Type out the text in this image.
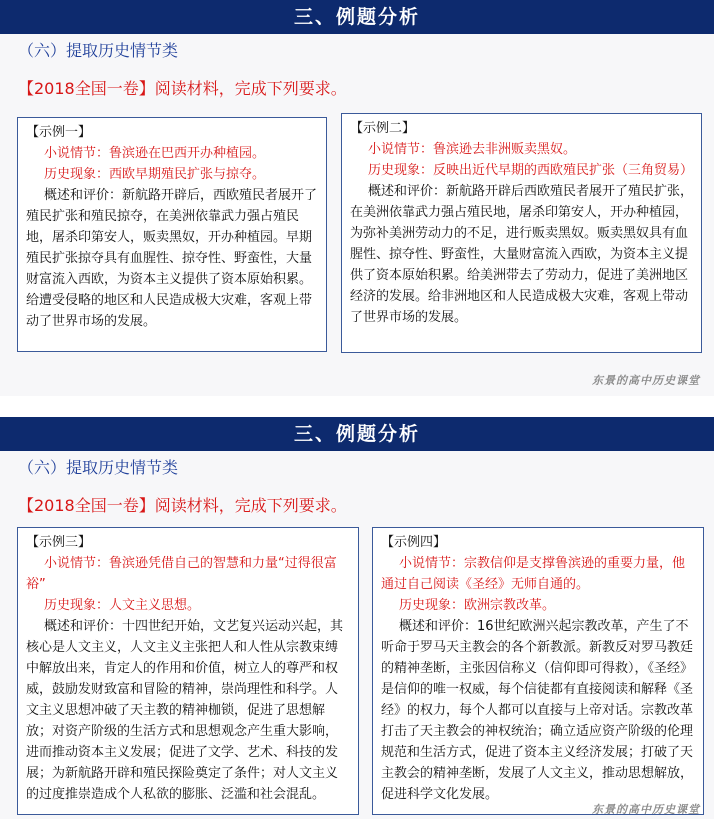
三、例题分析
（六）提取历史情节类
【2018全国一卷】阅读材料，完成下列要求。

【示例一】

小说情节：鲁滨逊在巴西开办种植园。

历史现象：西欧早期殖民扩张与掠夺。

概述和评价：新航路开辟后，西欧殖民者展开了殖民扩张和殖民掠夺，在美洲依靠武力强占殖民地，屠杀印第安人，贩卖黑奴，开办种植园。早期殖民扩张掠夺具有血腥性、掠夺性、野蛮性，大量财富流入西欧，为资本主义提供了资本原始积累。给遭受侵略的地区和人民造成极大灾难，客观上带动了世界市场的发展。

【示例二】

小说情节：鲁滨逊去非洲贩卖黑奴。

历史现象：反映出近代早期的西欧殖民扩张（三角贸易）

概述和评价：新航路开辟后西欧殖民者展开了殖民扩张，在美洲依靠武力强占殖民地，屠杀印第安人，开办种植园，为弥补美洲劳动力的不足，进行贩卖黑奴。贩卖黑奴具有血腥性、掠夺性、野蛮性，大量财富流入西欧，为资本主义提供了资本原始积累。给美洲带去了劳动力，促进了美洲地区经济的发展。给非洲地区和人民造成极大灾难，客观上带动了世界市场的发展。

东景的高中历史课堂
三、例题分析
（六）提取历史情节类
【2018全国一卷】阅读材料，完成下列要求。

【示例三】

小说情节：鲁滨逊凭借自己的智慧和力量“过得很富裕”

历史现象：人文主义思想。

概述和评价：十四世纪开始，文艺复兴运动兴起，其核心是人文主义，人文主义主张把人和人性从宗教束缚中解放出来，肯定人的作用和价值，树立人的尊严和权威，鼓励发财致富和冒险的精神，崇尚理性和科学。人文主义思想冲破了天主教的精神枷锁，促进了思想解放；对资产阶级的生活方式和思想观念产生重大影响，进而推动资本主义发展；促进了文学、艺术、科技的发展；为新航路开辟和殖民探险奠定了条件；对人文主义的过度推崇造成个人私欲的膨胀、泛滥和社会混乱。

【示例四】

小说情节：宗教信仰是支撑鲁滨逊的重要力量，他通过自己阅读《圣经》无师自通的。

历史现象：欧洲宗教改革。

概述和评价：16世纪欧洲兴起宗教改革，产生了不听命于罗马天主教会的各个新教派。新教反对罗马教廷的精神垄断，主张因信称义（信仰即可得救），《圣经》是信仰的唯一权威，每个信徒都有直接阅读和解释《圣经》的权力，每个人都可以直接与上帝对话。宗教改革打击了天主教会的神权统治；确立适应资产阶级的伦理规范和生活方式，促进了资本主义经济发展；打破了天主教会的精神垄断，发展了人文主义，推动思想解放，促进科学文化发展。

东景的高中历史课堂
